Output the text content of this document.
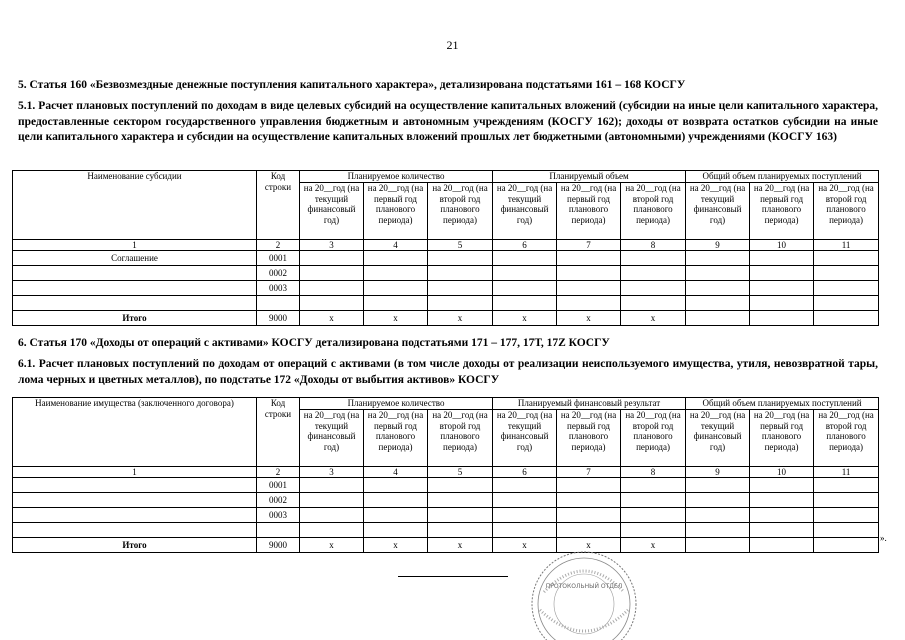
21
5. Статья 160 «Безвозмездные денежные поступления капитального характера», детализирована подстатьями 161 – 168 КОСГУ
5.1. Расчет плановых поступлений по доходам в виде целевых субсидий на осуществление капитальных вложений (субсидии на иные цели капитального характера, предоставленные сектором государственного управления бюджетным и автономным учреждениям (КОСГУ 162); доходы от возврата остатков субсидии на иные цели капитального характера и субсидии на осуществление капитальных вложений прошлых лет бюджетными (автономными) учреждениями (КОСГУ 163)
Наименование субсидии	Код строки	Планируемое количество			Планируемый объем			Общий объем планируемых поступлений		
		на 20__год (на текущий финансовый год)	на 20__год (на первый год планового периода)	на 20__год (на второй год планового периода)	на 20__год (на текущий финансовый год)	на 20__год (на первый год планового периода)	на 20__год (на второй год планового периода)	на 20__год (на текущий финансовый год)	на 20__год (на первый год планового периода)	на 20__год (на второй год планового периода)
1	2	3	4	5	6	7	8	9	10	11
Соглашение	0001									
	0002									
	0003									

Итого	9000	х	х	х	х	х	х			
6. Статья 170 «Доходы от операций с активами» КОСГУ детализирована подстатьями 171 – 177, 17Т, 17Z КОСГУ
6.1. Расчет плановых поступлений по доходам от операций с активами (в том числе доходы от реализации неиспользуемого имущества, утиля, невозвратной тары, лома черных и цветных металлов), по подстатье 172 «Доходы от выбытия активов» КОСГУ
Наименование имущества (заключенного договора)	Код строки	Планируемое количество			Планируемый финансовый результат			Общий объем планируемых поступлений		
		на 20__год (на текущий финансовый год)	на 20__год (на первый год планового периода)	на 20__год (на второй год планового периода)	на 20__год (на текущий финансовый год)	на 20__год (на первый год планового периода)	на 20__год (на второй год планового периода)	на 20__год (на текущий финансовый год)	на 20__год (на первый год планового периода)	на 20__год (на второй год планового периода)
1	2	3	4	5	6	7	8	9	10	11
	0001									
	0002									
	0003									

Итого	9000	х	х	х	х	х	х			
».
ПРОТОКОЛЬНЫЙ ОТДЕЛ
